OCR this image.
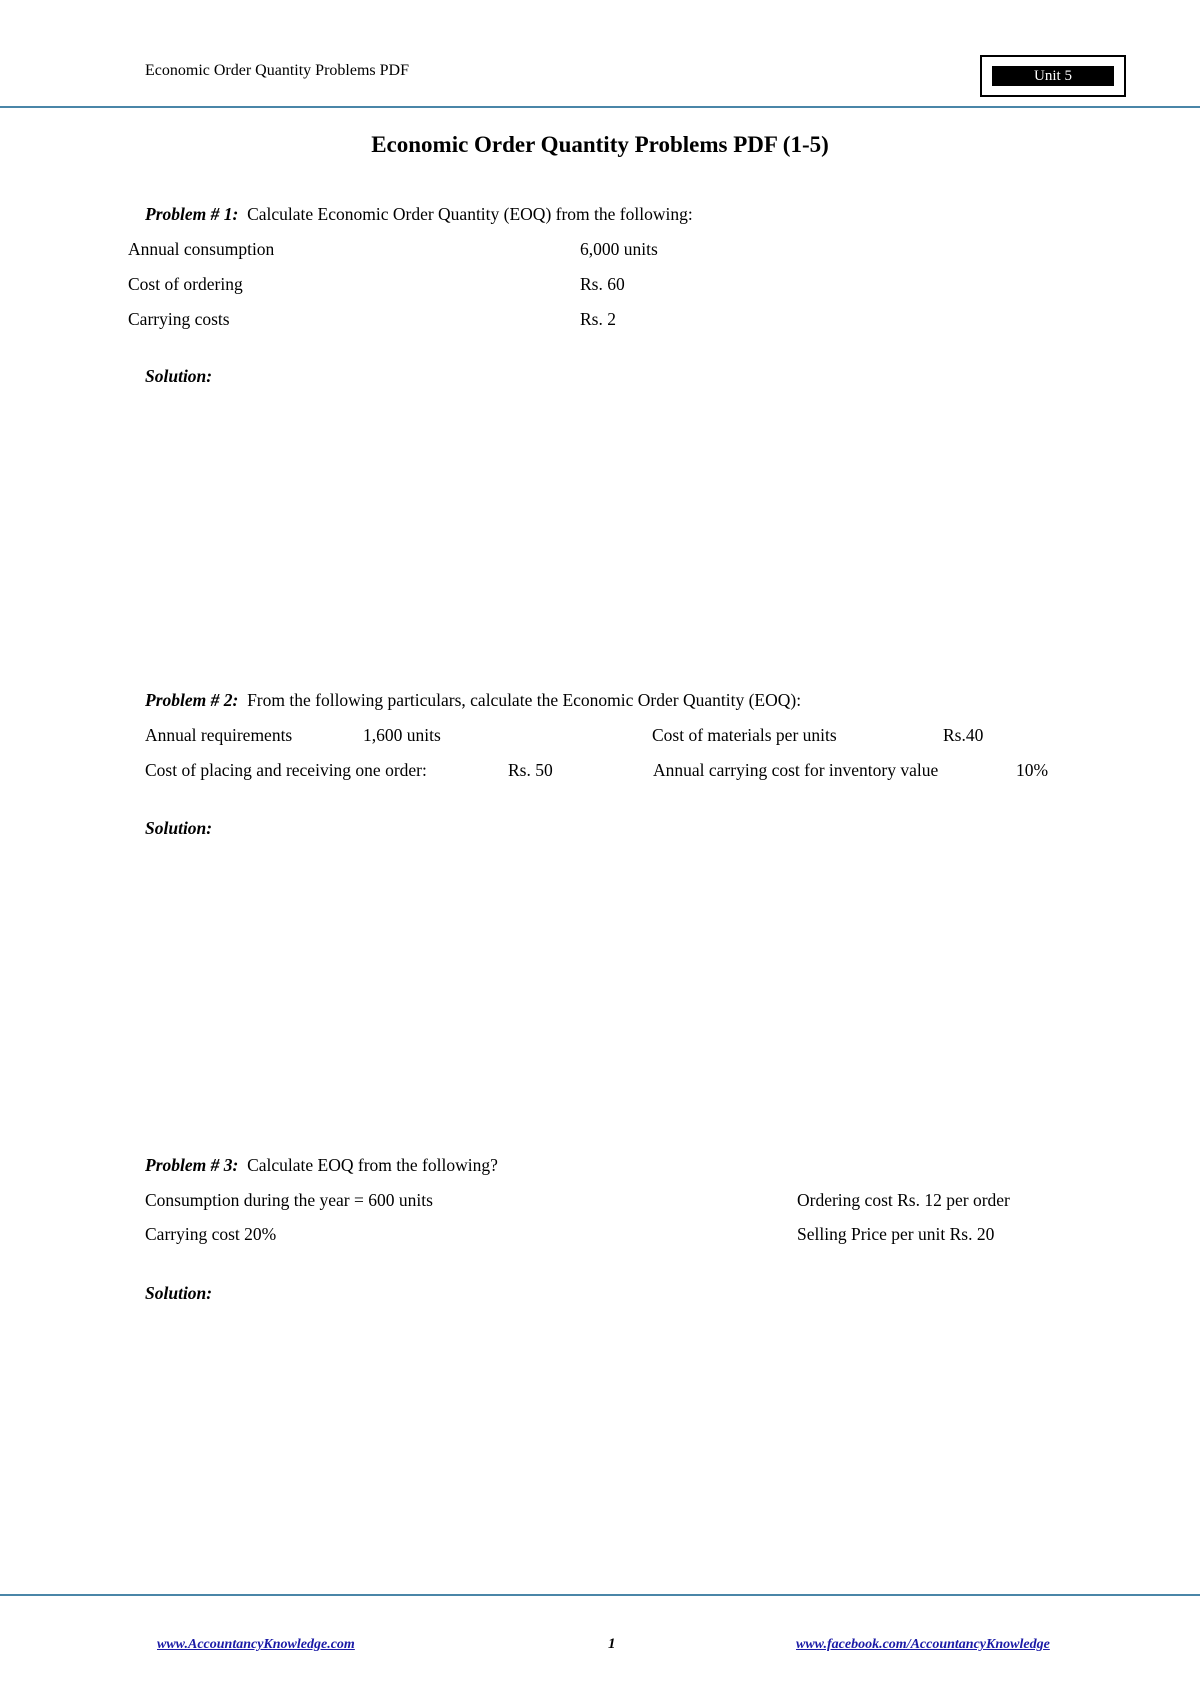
Economic Order Quantity Problems PDF	Unit 5
Economic Order Quantity Problems PDF (1-5)
Problem # 1: Calculate Economic Order Quantity (EOQ) from the following:
Annual consumption	6,000 units
Cost of ordering	Rs. 60
Carrying costs	Rs. 2
Solution:
Problem # 2: From the following particulars, calculate the Economic Order Quantity (EOQ):
Annual requirements	1,600 units	Cost of materials per units	Rs.40
Cost of placing and receiving one order:	Rs. 50	Annual carrying cost for inventory value	10%
Solution:
Problem # 3: Calculate EOQ from the following?
Consumption during the year = 600 units	Ordering cost Rs. 12 per order
Carrying cost 20%	Selling Price per unit Rs. 20
Solution:
www.AccountancyKnowledge.com	1	www.facebook.com/AccountancyKnowledge
